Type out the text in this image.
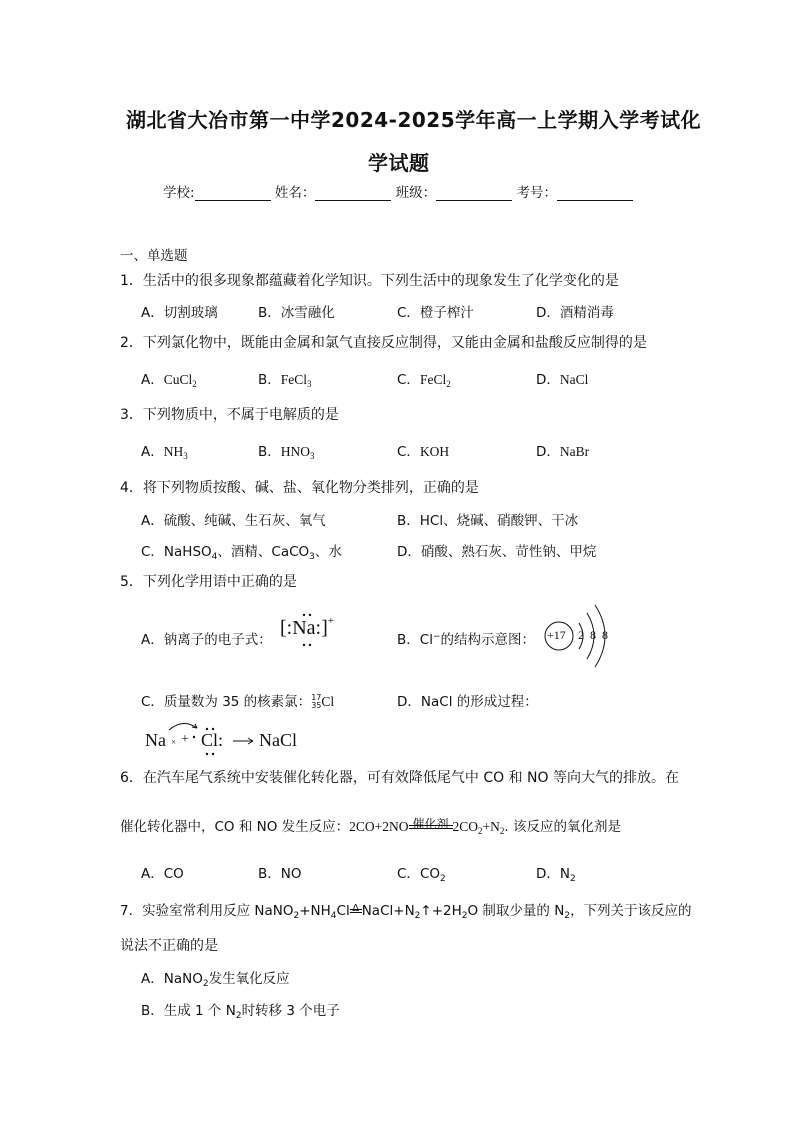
湖北省大冶市第一中学2024-2025学年高一上学期入学考试化
学试题
学校:	姓名：	班级：	考号：
一、单选题
1．生活中的很多现象都蕴藏着化学知识。下列生活中的现象发生了化学变化的是
A．切割玻璃	B．冰雪融化	C．橙子榨汁	D．酒精消毒
2．下列氯化物中，既能由金属和氯气直接反应制得，又能由金属和盐酸反应制得的是
A．CuCl$_2$	B．FeCl$_3$	C．FeCl$_2$	D．NaCl
3．下列物质中，不属于电解质的是
A．$NH_3$	B．$HNO_3$	C．KOH	D．NaBr
4．将下列物质按酸、碱、盐、氧化物分类排列，正确的是
A．硫酸、纯碱、生石灰、氧气	B．HCl、烧碱、硝酸钾、干冰
C．NaHSO$_4$、酒精、CaCO$_3$、水	D．硝酸、熟石灰、苛性钠、甲烷
5．下列化学用语中正确的是
A．钠离子的电子式：
[:Na:]+
B．Cl−的结构示意图： +17 2 8 8
C．质量数为 35 的核素氯：17
35Cl	D．NaCl 的形成过程：
Na × + Cl: NaCl
6．在汽车尾气系统中安装催化转化器，可有效降低尾气中 CO 和 NO 等向大气的排放。在
催化转化器中，CO 和 NO 发生反应：2CO+2NO 催化剂 $2CO_2+N_2$. 该反应的氧化剂是
A．CO	B．NO	C．$CO_2$	D．$N_2$
7．实验室常利用反应 $NaNO_2+NH_4Cl$ Δ $NaCl+N_2↑+2H_2O$ 制取少量的 $N_2$，下列关于该反应的
说法不正确的是
A．NaNO$_2$发生氧化反应
B．生成 1 个 $N_2$时转移 3 个电子
